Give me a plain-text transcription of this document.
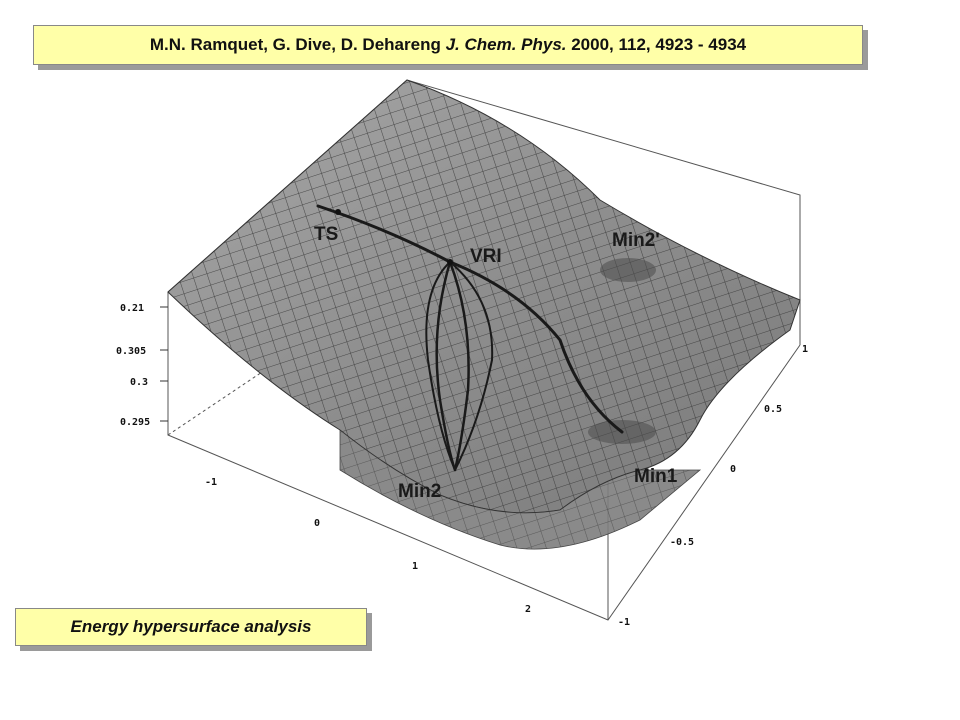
TS
VRI
Min2'
Min1
Min2
0.21
0.305
0.3
0.295
-1
0
1
2
1
0.5
0
-0.5
-1
M.N. Ramquet, G. Dive, D. Dehareng J. Chem. Phys. 2000, 112, 4923 - 4934
Energy hypersurface analysis
